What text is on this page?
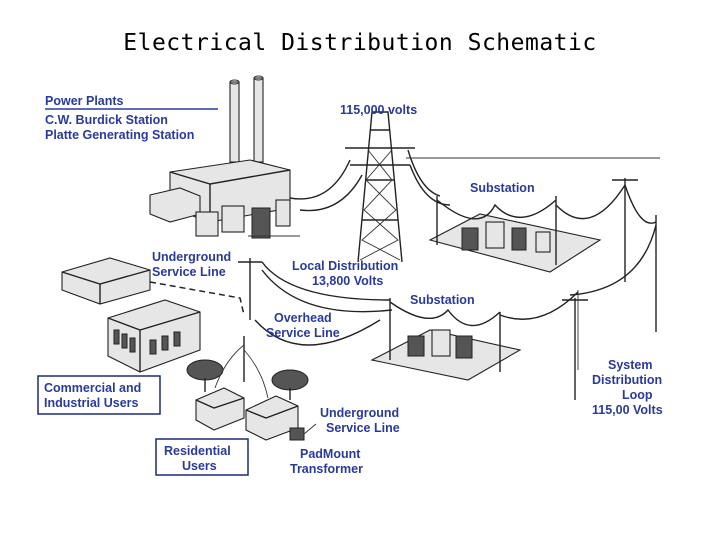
Electrical Distribution Schematic
Power Plants
C.W. Burdick Station
Platte Generating Station
115,000 volts
Substation
Underground
Service Line	Local Distribution
13,800 Volts
Substation
Overhead
Service Line
Commercial and
Industrial Users
System
Distribution
Loop
115,00 Volts
Underground
Service Line
Residential
Users
PadMount
Transformer
